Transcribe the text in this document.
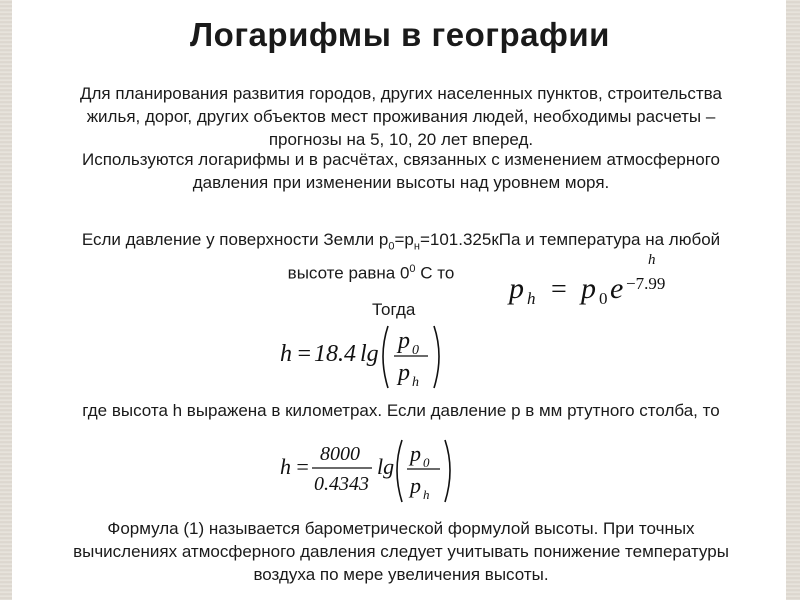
Логарифмы в географии
Для планирования развития городов, других населенных пунктов, строительства
жилья, дорог, других объектов мест проживания людей, необходимы расчеты –
прогнозы на 5, 10, 20 лет вперед.
Используются логарифмы и в расчётах, связанных с изменением атмосферного
давления при изменении высоты над уровнем моря.
Если давление у поверхности Земли $p_0=p_н=101.325кПа$ и температура на любой
высоте равна $0^0$ С то	p h = p 0 e
h
−7.99
Тогда
h = 18.4 lg p 0
p h
где высота h выражена в километрах. Если давление p в мм ртутного столба, то
h = 8000
0.4343
lg
p 0
p h
Формула (1) называется барометрической формулой высоты. При точных
вычислениях атмосферного давления следует учитывать понижение температуры
воздуха по мере увеличения высоты.
